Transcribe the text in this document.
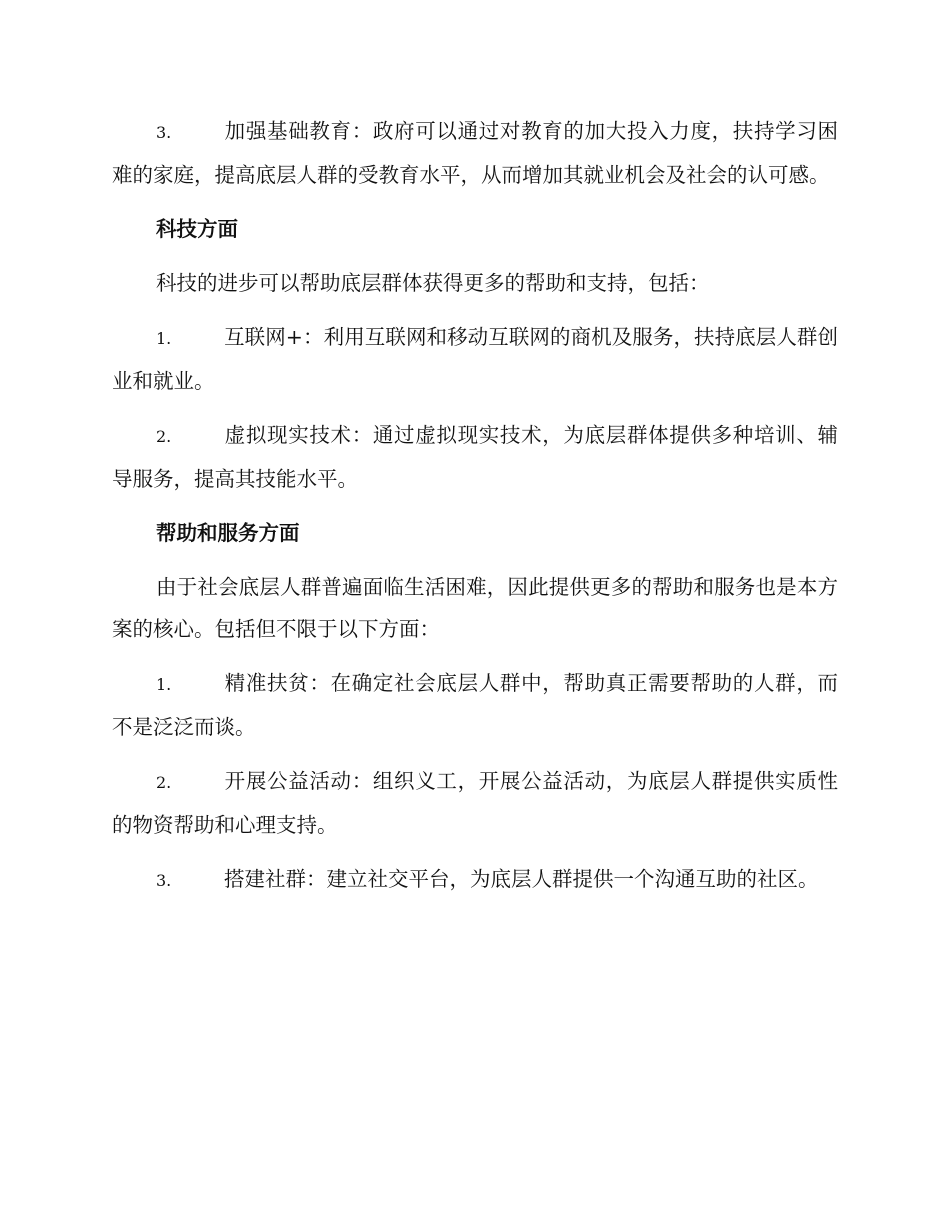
3.	加强基础教育：政府可以通过对教育的加大投入力度，扶持学习困难的家庭，提高底层人群的受教育水平，从而增加其就业机会及社会的认可感。

科技方面

科技的进步可以帮助底层群体获得更多的帮助和支持，包括：

1.	互联网+：利用互联网和移动互联网的商机及服务，扶持底层人群创业和就业。

2.	虚拟现实技术：通过虚拟现实技术，为底层群体提供多种培训、辅导服务，提高其技能水平。

帮助和服务方面

由于社会底层人群普遍面临生活困难，因此提供更多的帮助和服务也是本方案的核心。包括但不限于以下方面：

1.	精准扶贫：在确定社会底层人群中，帮助真正需要帮助的人群，而不是泛泛而谈。

2.	开展公益活动：组织义工，开展公益活动，为底层人群提供实质性的物资帮助和心理支持。

3.	搭建社群：建立社交平台，为底层人群提供一个沟通互助的社区。
